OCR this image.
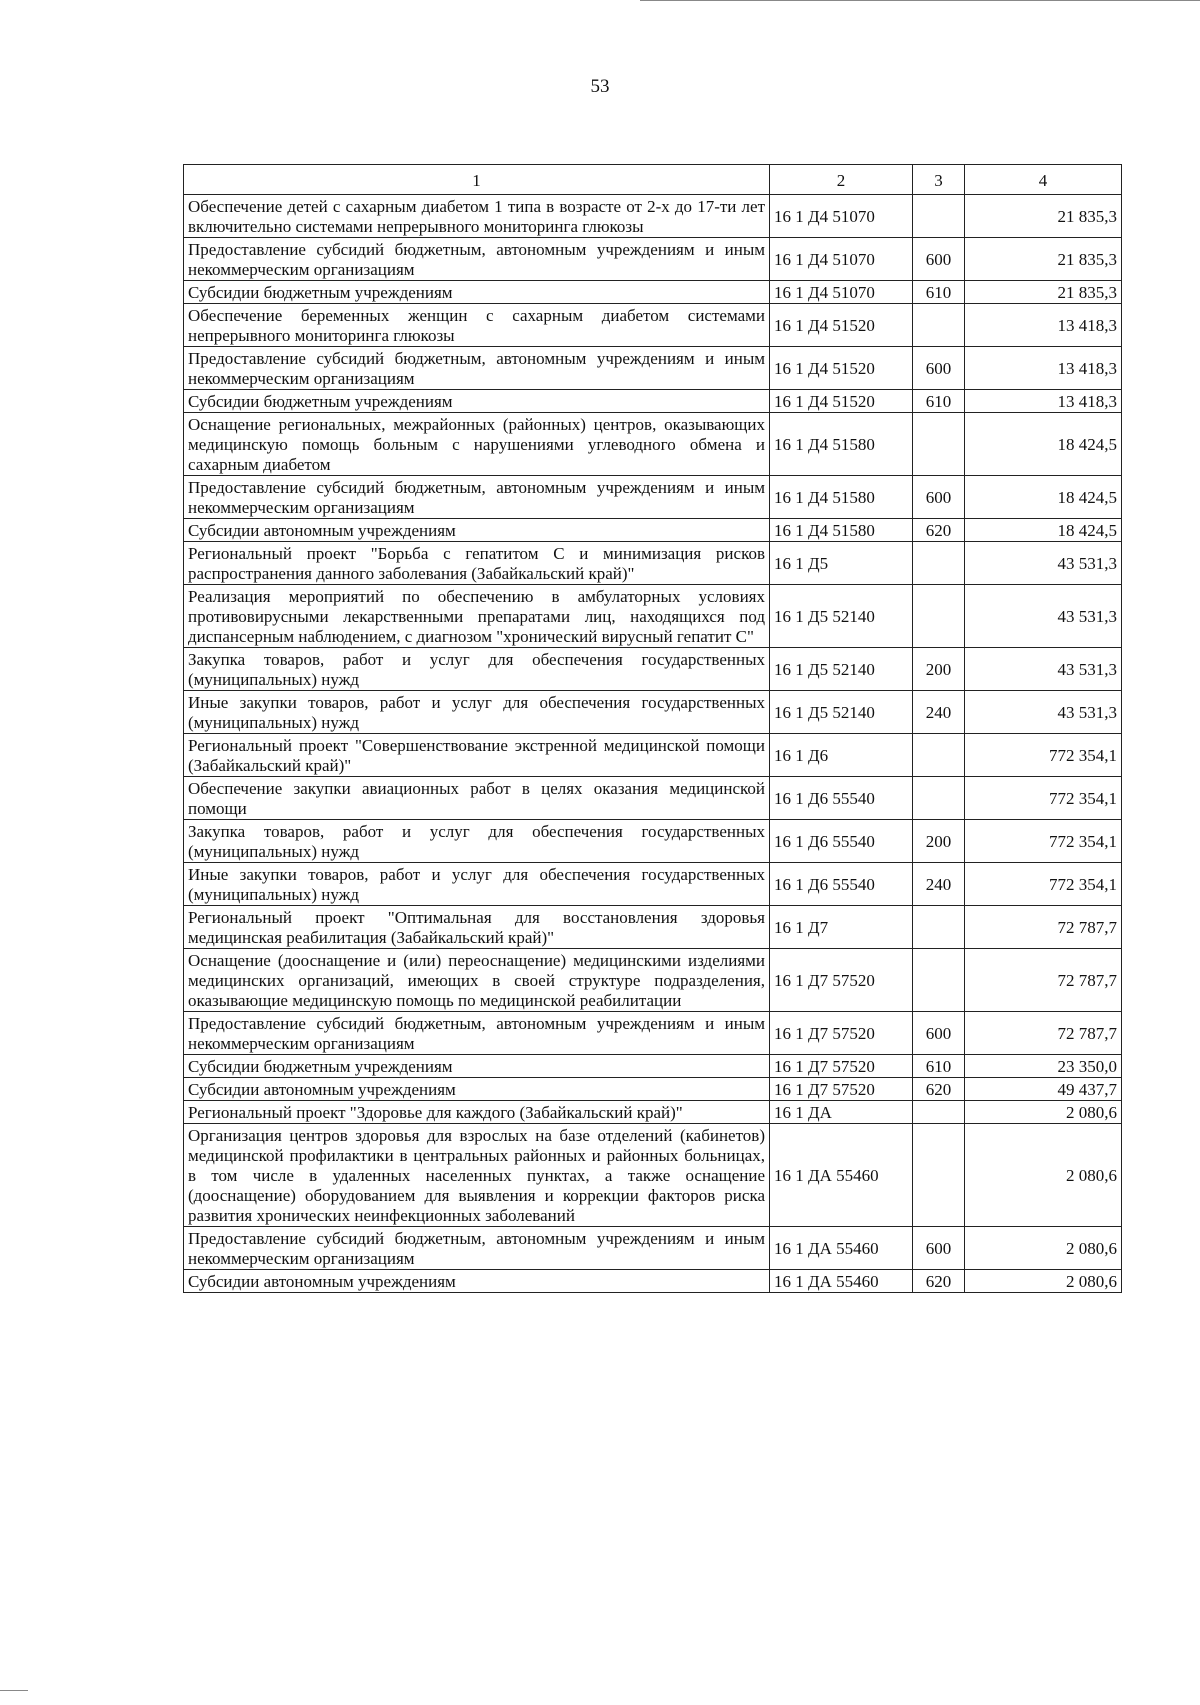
53
1	2	3	4
Обеспечение детей с сахарным диабетом 1 типа в возрасте от 2-х до 17-ти лет включительно системами непрерывного мониторинга глюкозы	16 1 Д4 51070		21 835,3
Предоставление субсидий бюджетным, автономным учреждениям и иным некоммерческим организациям	16 1 Д4 51070	600	21 835,3
Субсидии бюджетным учреждениям	16 1 Д4 51070	610	21 835,3
Обеспечение беременных женщин с сахарным диабетом системами непрерывного мониторинга глюкозы	16 1 Д4 51520		13 418,3
Предоставление субсидий бюджетным, автономным учреждениям и иным некоммерческим организациям	16 1 Д4 51520	600	13 418,3
Субсидии бюджетным учреждениям	16 1 Д4 51520	610	13 418,3
Оснащение региональных, межрайонных (районных) центров, оказывающих медицинскую помощь больным с нарушениями углеводного обмена и сахарным диабетом	16 1 Д4 51580		18 424,5
Предоставление субсидий бюджетным, автономным учреждениям и иным некоммерческим организациям	16 1 Д4 51580	600	18 424,5
Субсидии автономным учреждениям	16 1 Д4 51580	620	18 424,5
Региональный проект "Борьба с гепатитом С и минимизация рисков распространения данного заболевания (Забайкальский край)"	16 1 Д5		43 531,3
Реализация мероприятий по обеспечению в амбулаторных условиях противовирусными лекарственными препаратами лиц, находящихся под диспансерным наблюдением, с диагнозом "хронический вирусный гепатит С"	16 1 Д5 52140		43 531,3
Закупка товаров, работ и услуг для обеспечения государственных (муниципальных) нужд	16 1 Д5 52140	200	43 531,3
Иные закупки товаров, работ и услуг для обеспечения государственных (муниципальных) нужд	16 1 Д5 52140	240	43 531,3
Региональный проект "Совершенствование экстренной медицинской помощи (Забайкальский край)"	16 1 Д6		772 354,1
Обеспечение закупки авиационных работ в целях оказания медицинской помощи	16 1 Д6 55540		772 354,1
Закупка товаров, работ и услуг для обеспечения государственных (муниципальных) нужд	16 1 Д6 55540	200	772 354,1
Иные закупки товаров, работ и услуг для обеспечения государственных (муниципальных) нужд	16 1 Д6 55540	240	772 354,1
Региональный проект "Оптимальная для восстановления здоровья медицинская реабилитация (Забайкальский край)"	16 1 Д7		72 787,7
Оснащение (дооснащение и (или) переоснащение) медицинскими изделиями медицинских организаций, имеющих в своей структуре подразделения, оказывающие медицинскую помощь по медицинской реабилитации	16 1 Д7 57520		72 787,7
Предоставление субсидий бюджетным, автономным учреждениям и иным некоммерческим организациям	16 1 Д7 57520	600	72 787,7
Субсидии бюджетным учреждениям	16 1 Д7 57520	610	23 350,0
Субсидии автономным учреждениям	16 1 Д7 57520	620	49 437,7
Региональный проект "Здоровье для каждого (Забайкальский край)"	16 1 ДА		2 080,6
Организация центров здоровья для взрослых на базе отделений (кабинетов) медицинской профилактики в центральных районных и районных больницах, в том числе в удаленных населенных пунктах, а также оснащение (дооснащение) оборудованием для выявления и коррекции факторов риска развития хронических неинфекционных заболеваний	16 1 ДА 55460		2 080,6
Предоставление субсидий бюджетным, автономным учреждениям и иным некоммерческим организациям	16 1 ДА 55460	600	2 080,6
Субсидии автономным учреждениям	16 1 ДА 55460	620	2 080,6
